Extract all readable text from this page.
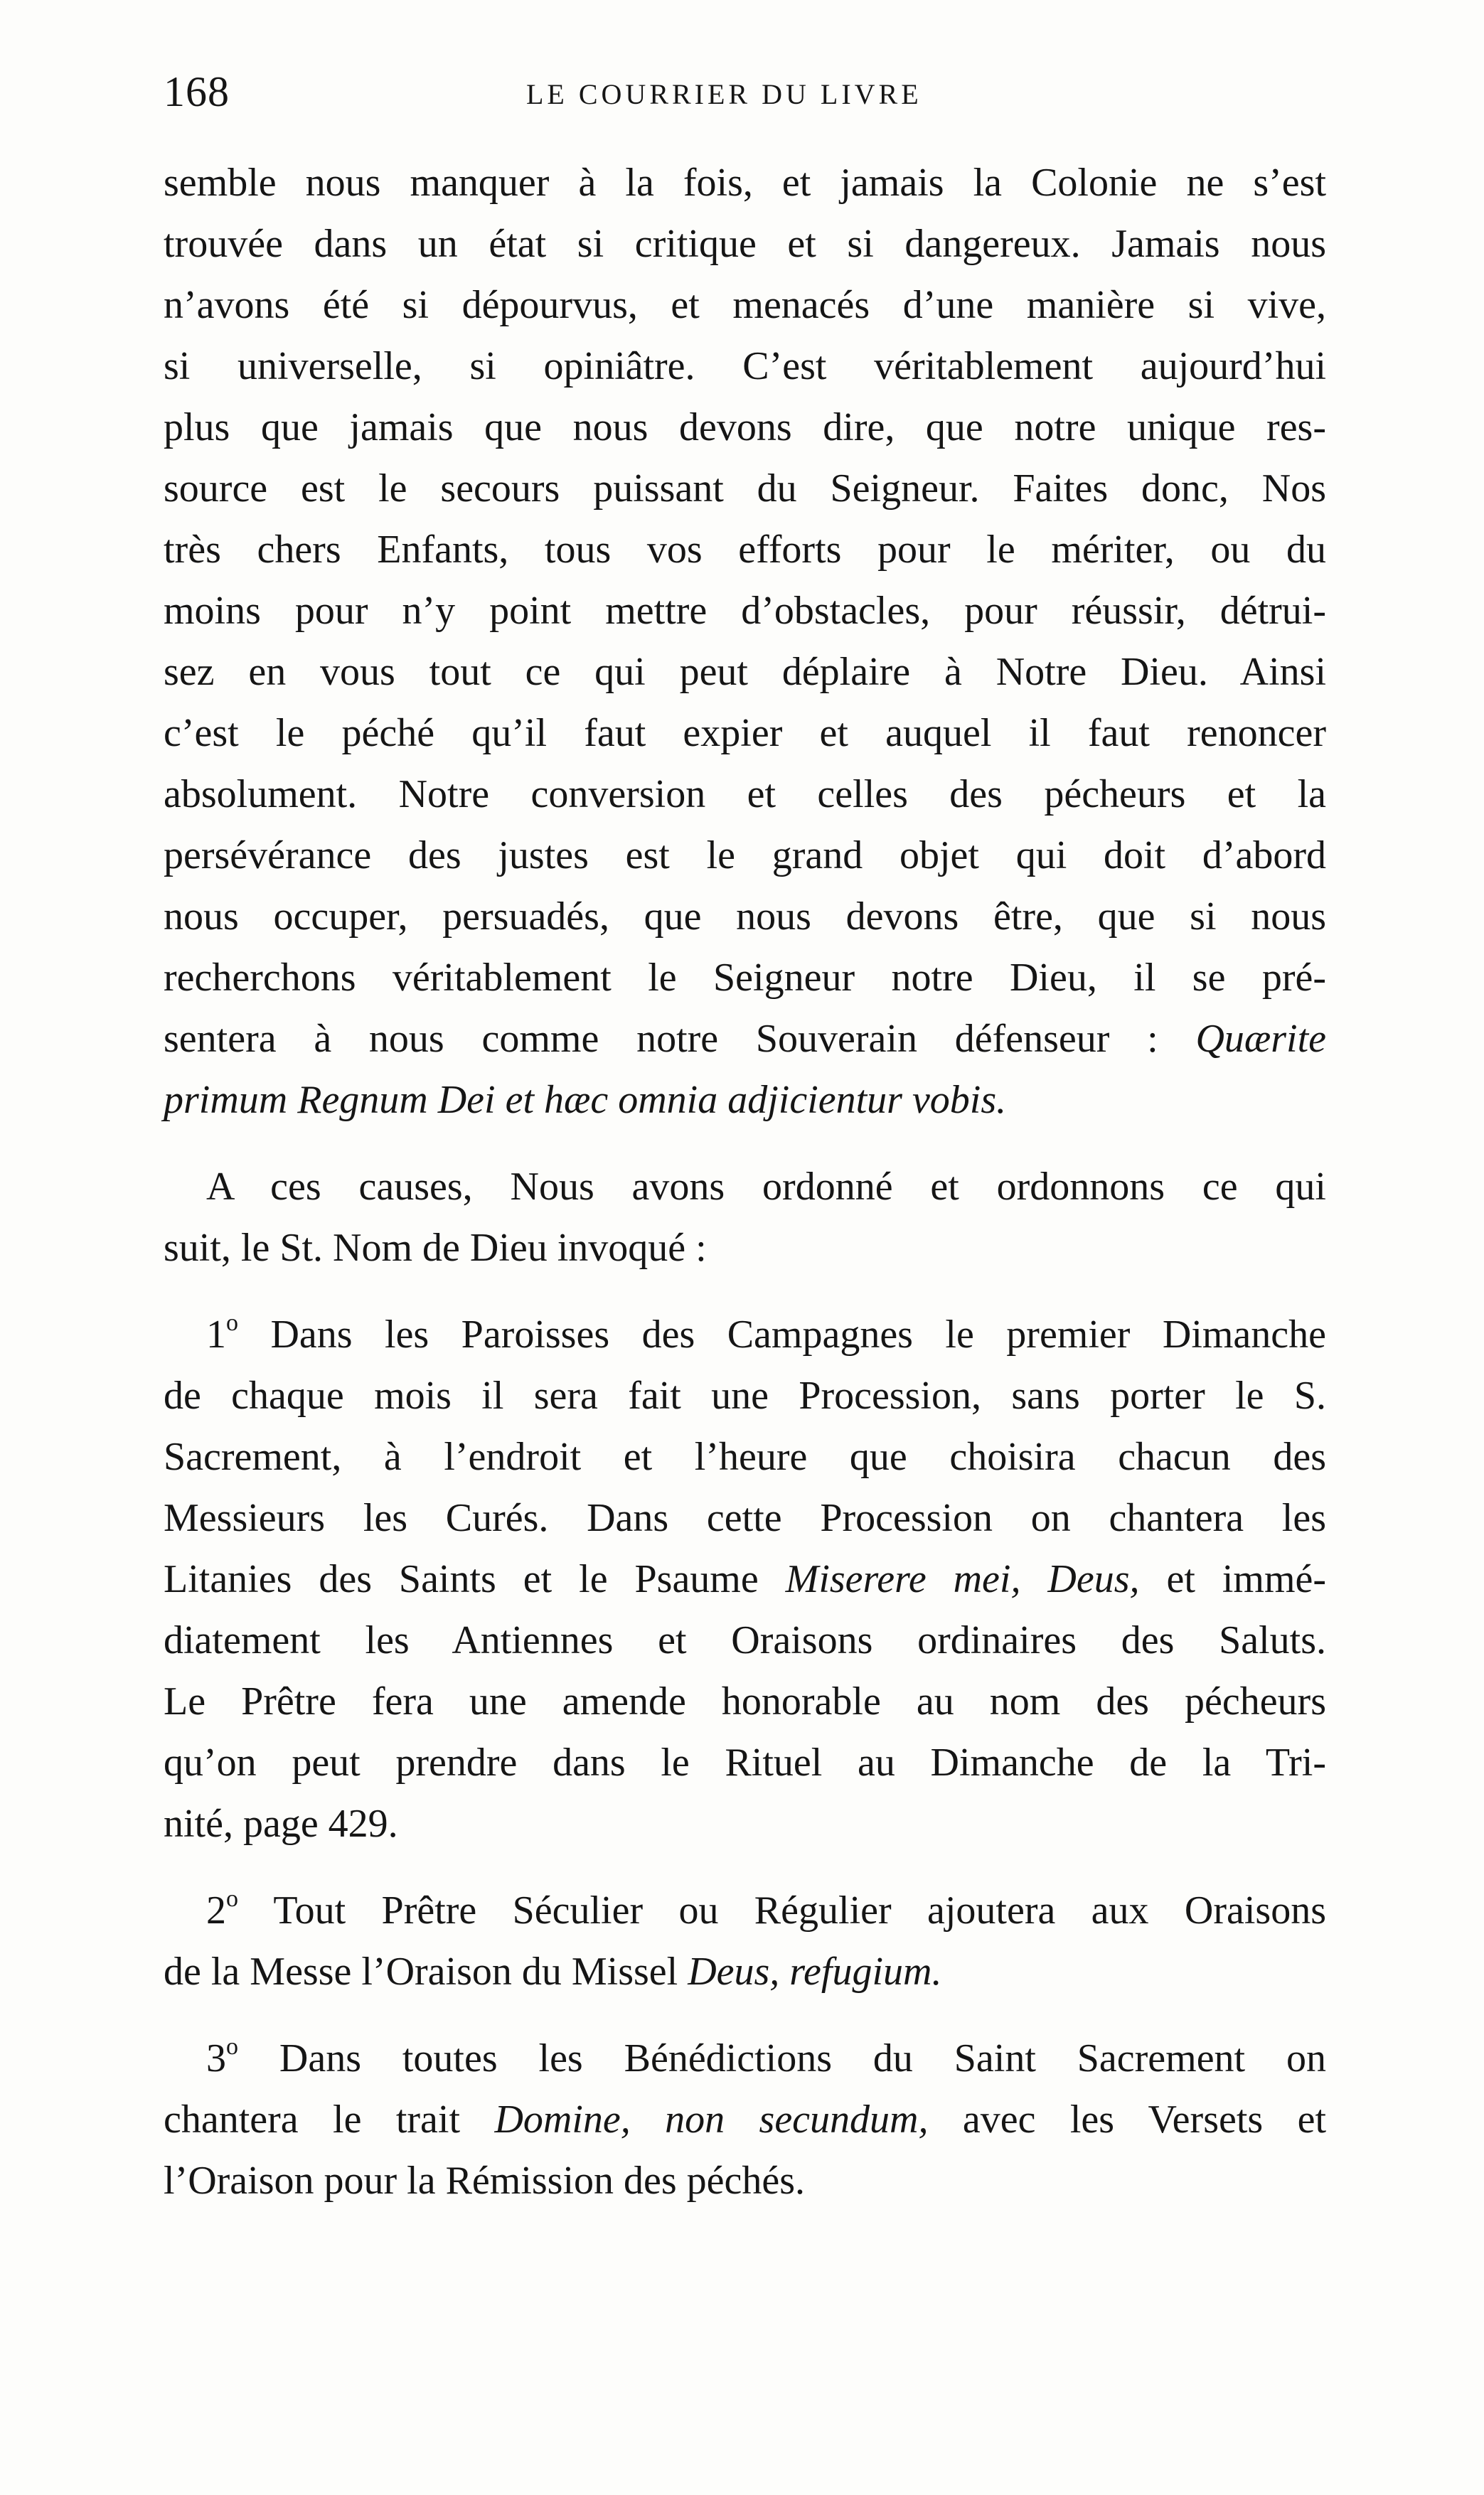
168	LE COURRIER DU LIVRE
semble nous manquer à la fois, et jamais la Colonie ne s’est
trouvée dans un état si critique et si dangereux. Jamais nous
n’avons été si dépourvus, et menacés d’une manière si vive,
si universelle, si opiniâtre. C’est véritablement aujourd’hui
plus que jamais que nous devons dire, que notre unique res-
source est le secours puissant du Seigneur. Faites donc, Nos
très chers Enfants, tous vos efforts pour le mériter, ou du
moins pour n’y point mettre d’obstacles, pour réussir, détrui-
sez en vous tout ce qui peut déplaire à Notre Dieu. Ainsi
c’est le péché qu’il faut expier et auquel il faut renoncer
absolument. Notre conversion et celles des pécheurs et la
persévérance des justes est le grand objet qui doit d’abord
nous occuper, persuadés, que nous devons être, que si nous
recherchons véritablement le Seigneur notre Dieu, il se pré-
sentera à nous comme notre Souverain défenseur : Quærite
primum Regnum Dei et hæc omnia adjicientur vobis.
A ces causes, Nous avons ordonné et ordonnons ce qui
suit, le St. Nom de Dieu invoqué :
1$^o$ Dans les Paroisses des Campagnes le premier Dimanche
de chaque mois il sera fait une Procession, sans porter le S.
Sacrement, à l’endroit et l’heure que choisira chacun des
Messieurs les Curés. Dans cette Procession on chantera les
Litanies des Saints et le Psaume Miserere mei, Deus, et immé-
diatement les Antiennes et Oraisons ordinaires des Saluts.
Le Prêtre fera une amende honorable au nom des pécheurs
qu’on peut prendre dans le Rituel au Dimanche de la Tri-
nité, page 429.
2$^o$ Tout Prêtre Séculier ou Régulier ajoutera aux Oraisons
de la Messe l’Oraison du Missel Deus, refugium.
3$^o$ Dans toutes les Bénédictions du Saint Sacrement on
chantera le trait Domine, non secundum, avec les Versets et
l’Oraison pour la Rémission des péchés.
